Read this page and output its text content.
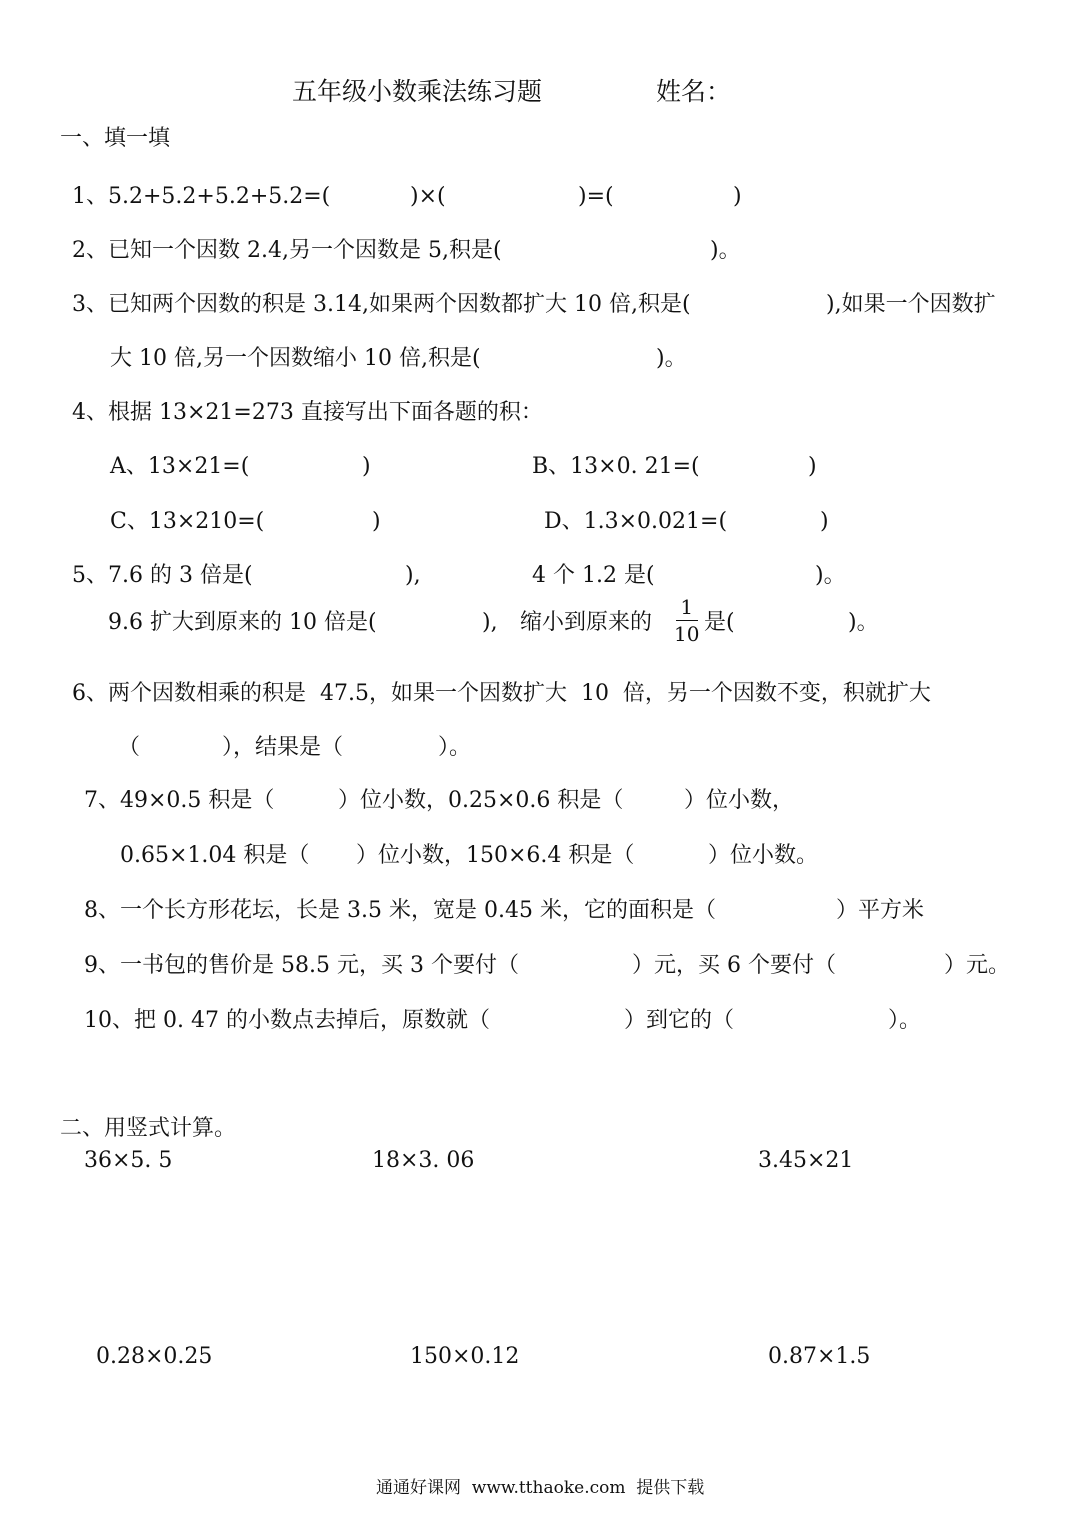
五年级小数乘法练习题	姓名：
一、填一填
1、5.2+5.2+5.2+5.2=(	)×(	)=(	)
2、已知一个因数 2.4,另一个因数是 5,积是(	)。
3、已知两个因数的积是 3.14,如果两个因数都扩大 10 倍,积是(	),如果一个因数扩
大 10 倍,另一个因数缩小 10 倍,积是(	)。
4、根据 13×21=273 直接写出下面各题的积：
A、13×21=(	)	B、13×0. 21=(	)
C、13×210=(	)	D、1.3×0.021=(	)
5、7.6 的 3 倍是(	),	4 个 1.2 是(	)。
9.6 扩大到原来的 10 倍是(	), 缩小到原来的
1
10 是(	)。
6、两个因数相乘的积是  47.5，如果一个因数扩大  10  倍，另一个因数不变，积就扩大
（	），结果是（	）。
7、49×0.5 积是（	）位小数，0.25×0.6 积是（	）位小数，
0.65×1.04 积是（ ）位小数，150×6.4 积是（	）位小数。
8、一个长方形花坛，长是 3.5 米，宽是 0.45 米，它的面积是（	）平方米
9、一书包的售价是 58.5 元，买 3 个要付（	）元，买 6 个要付（	）元。
10、把 0. 47 的小数点去掉后，原数就（	）到它的（	）。
二、用竖式计算。
36×5. 5	18×3. 06	3.45×21
0.28×0.25	150×0.12	0.87×1.5
通通好课网  www.tthaoke.com  提供下载
